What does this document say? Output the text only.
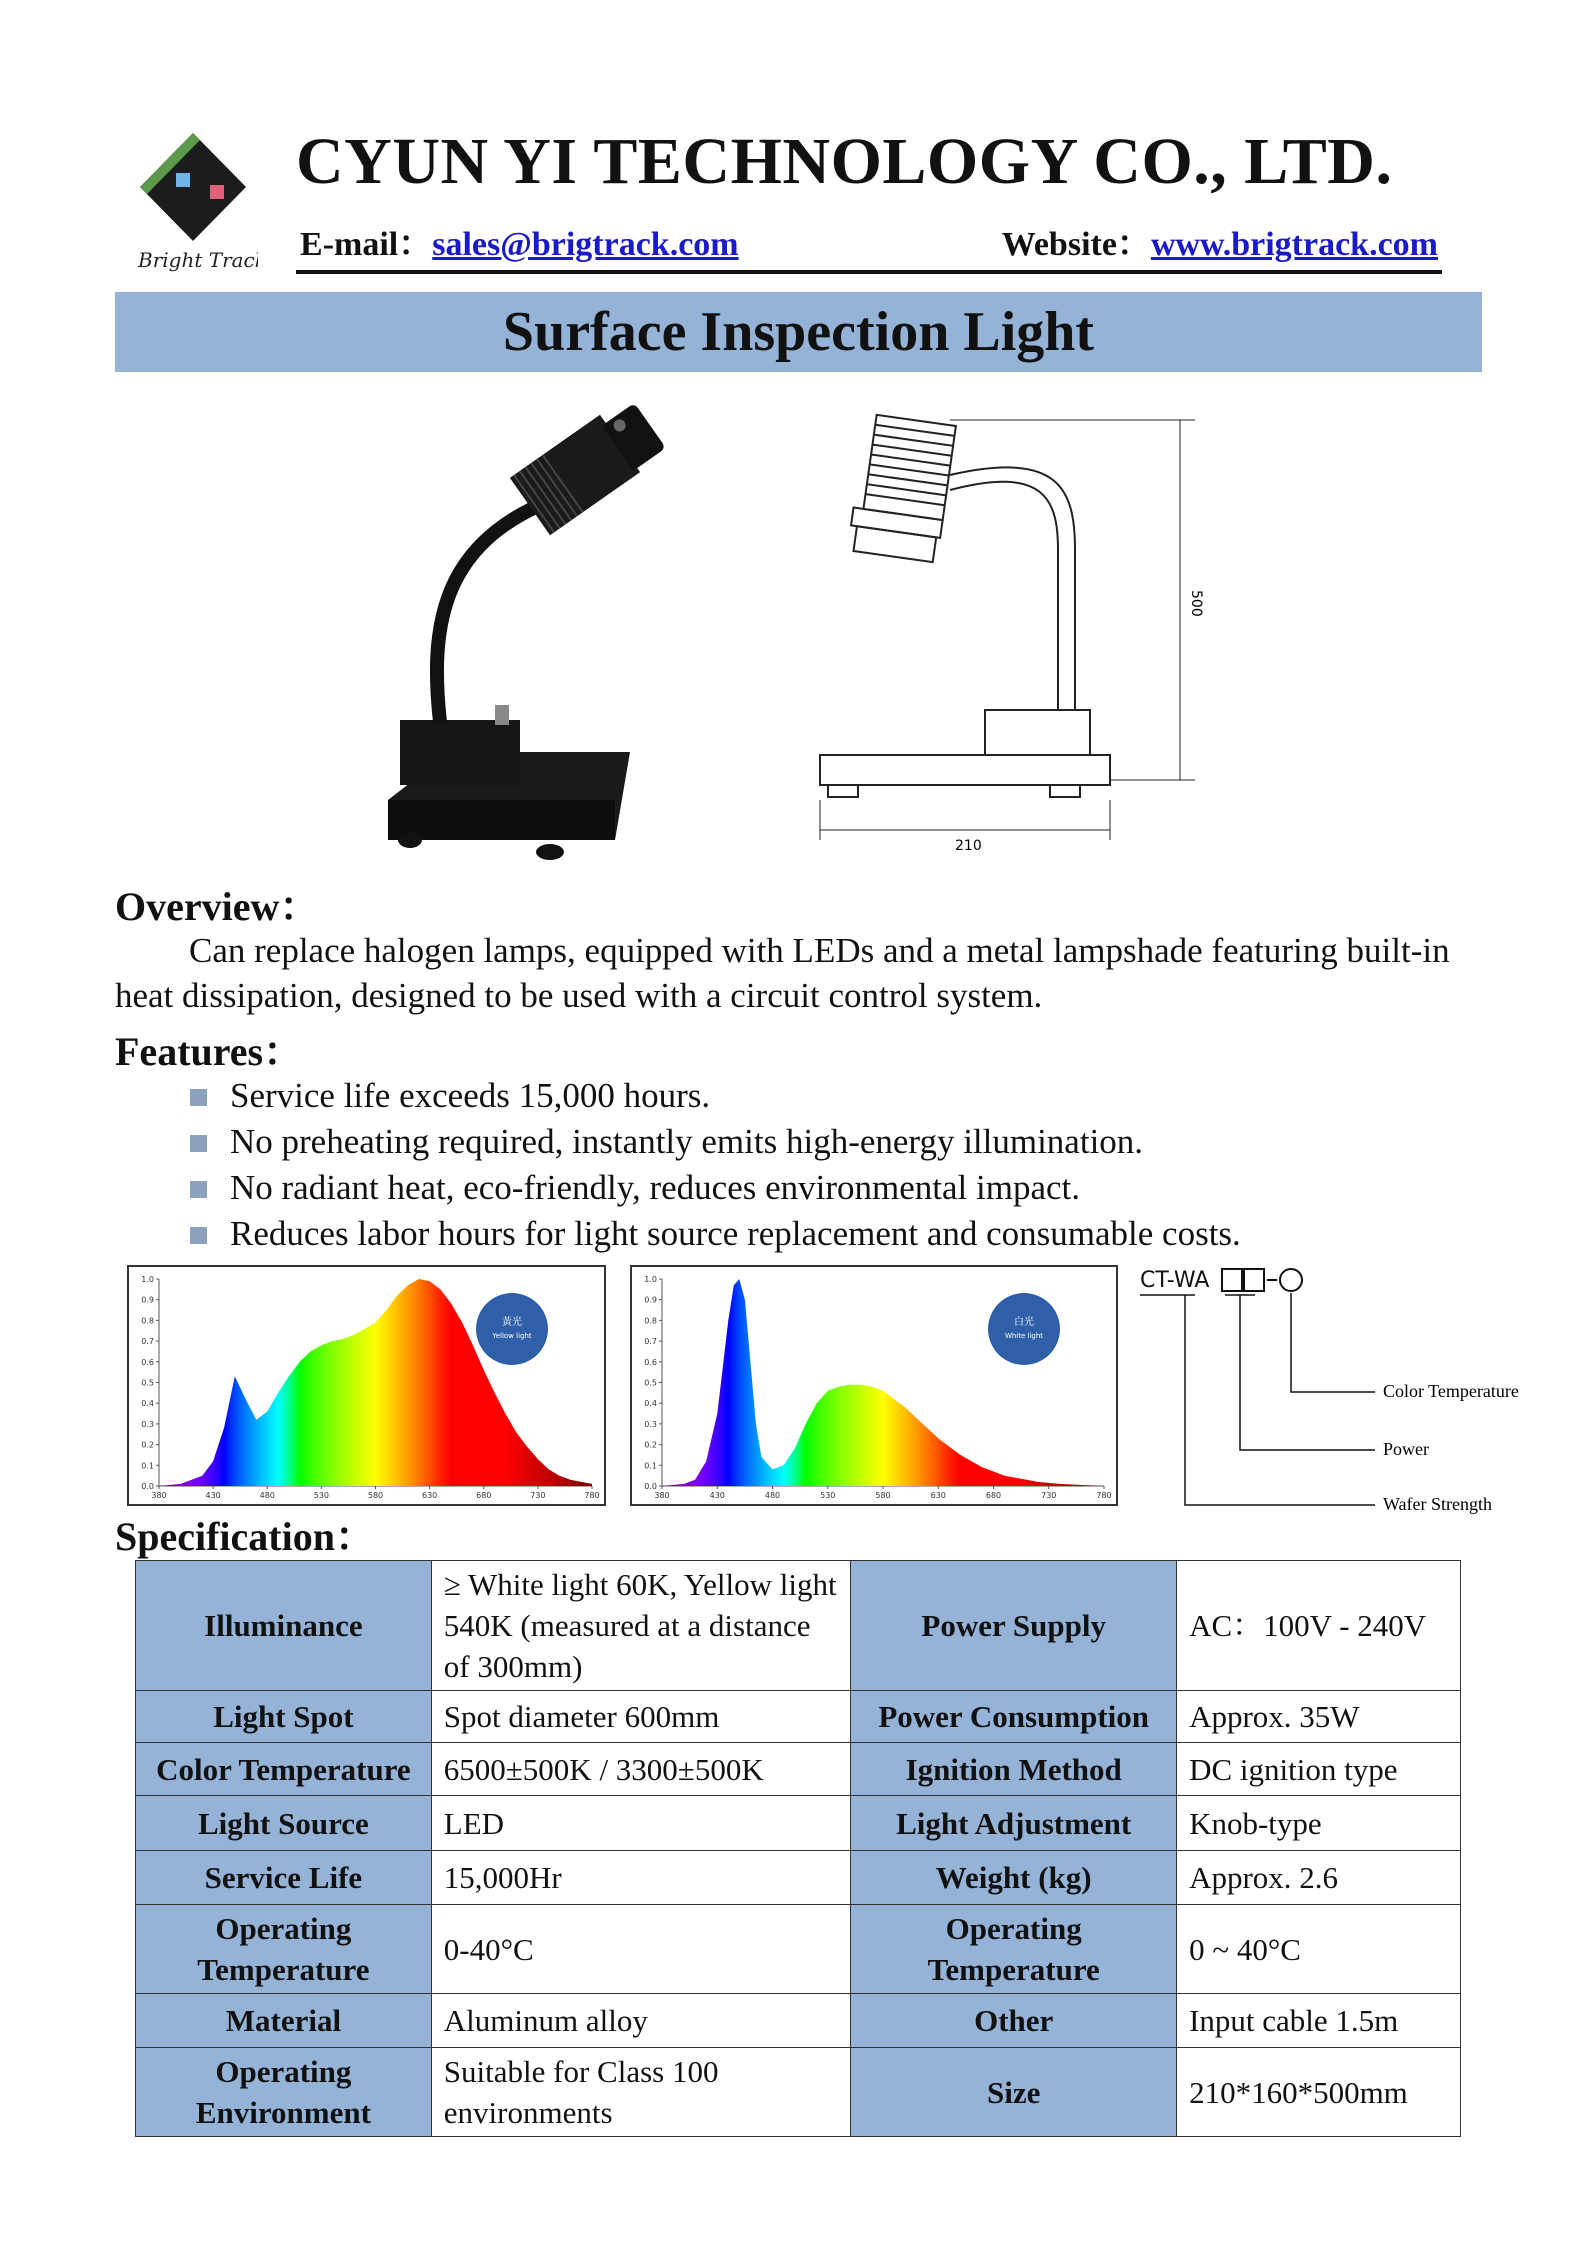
Bright Track
CYUN YI TECHNOLOGY CO., LTD.
E-mail：sales@brigtrack.com	Website：www.brigtrack.com
Surface Inspection Light
500
210
Overview：
Can replace halogen lamps, equipped with LEDs and a metal lampshade featuring built-in heat dissipation, designed to be used with a circuit control system.
Features：
Service life exceeds 15,000 hours.
No preheating required, instantly emits high-energy illumination.
No radiant heat, eco-friendly, reduces environmental impact.
Reduces labor hours for light source replacement and consumable costs.
0.0
0.1
0.2
0.3
0.4
0.5
0.6
0.7
0.8
0.9
1.0
380	430	480	530	580	630	680	730	780
黃光
Yellow light
0.0
0.1
0.2
0.3
0.4
0.5
0.6
0.7
0.8
0.9
1.0
380	430	480	530	580	630	680	730	780
白光
White light
CT-WA
Color Temperature
Power
Wafer Strength
Specification：
Illuminance	≥ White light 60K, Yellow light 540K (measured at a distance of 300mm)	Power Supply	AC：100V - 240V
Light Spot	Spot diameter 600mm	Power Consumption	Approx. 35W
Color Temperature	6500±500K / 3300±500K	Ignition Method	DC ignition type
Light Source	LED	Light Adjustment	Knob-type
Service Life	15,000Hr	Weight (kg)	Approx. 2.6
Operating Temperature	0-40°C	Operating Temperature	0 ~ 40°C
Material	Aluminum alloy	Other	Input cable 1.5m
Operating Environment	Suitable for Class 100 environments	Size	210*160*500mm
